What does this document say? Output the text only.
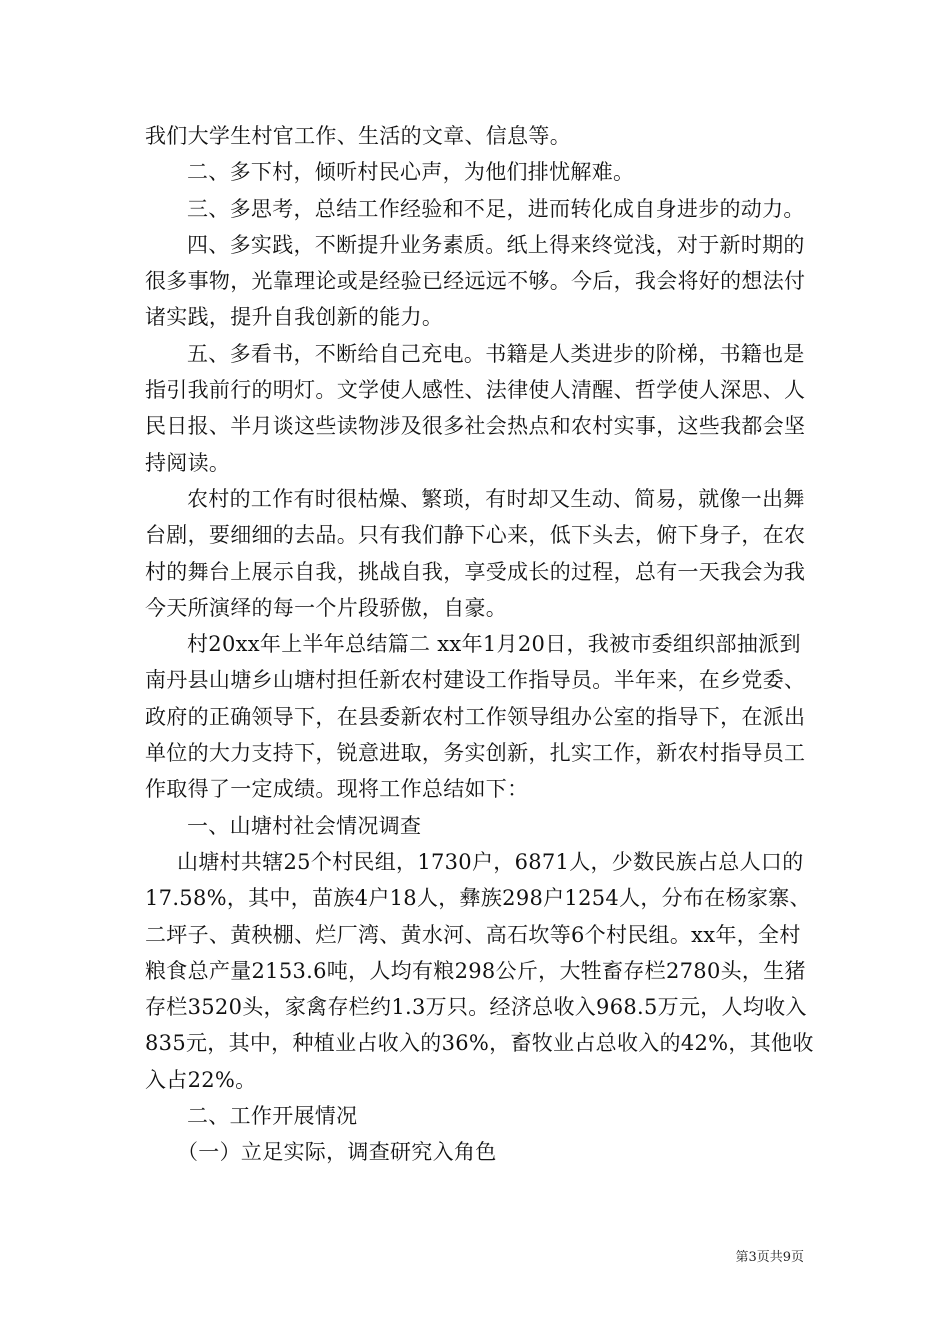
我们大学生村官工作、生活的文章、信息等。

二、多下村，倾听村民心声，为他们排忧解难。

三、多思考，总结工作经验和不足，进而转化成自身进步的动力。

四、多实践，不断提升业务素质。纸上得来终觉浅，对于新时期的很多事物，光靠理论或是经验已经远远不够。今后，我会将好的想法付诸实践，提升自我创新的能力。

五、多看书，不断给自己充电。书籍是人类进步的阶梯，书籍也是指引我前行的明灯。文学使人感性、法律使人清醒、哲学使人深思、人民日报、半月谈这些读物涉及很多社会热点和农村实事，这些我都会坚持阅读。

农村的工作有时很枯燥、繁琐，有时却又生动、简易，就像一出舞台剧，要细细的去品。只有我们静下心来，低下头去，俯下身子，在农村的舞台上展示自我，挑战自我，享受成长的过程，总有一天我会为我今天所演绎的每一个片段骄傲，自豪。

村20xx年上半年总结篇二 xx年1月20日，我被市委组织部抽派到南丹县山塘乡山塘村担任新农村建设工作指导员。半年来，在乡党委、政府的正确领导下，在县委新农村工作领导组办公室的指导下，在派出单位的大力支持下，锐意进取，务实创新，扎实工作，新农村指导员工作取得了一定成绩。现将工作总结如下：

一、山塘村社会情况调查

山塘村共辖25个村民组，1730户，6871人，少数民族占总人口的17.58%，其中，苗族4户18人，彝族298户1254人，分布在杨家寨、二坪子、黄秧棚、烂厂湾、黄水河、高石坎等6个村民组。xx年，全村粮食总产量2153.6吨，人均有粮298公斤，大牲畜存栏2780头，生猪存栏3520头，家禽存栏约1.3万只。经济总收入968.5万元，人均收入835元，其中，种植业占收入的36%，畜牧业占总收入的42%，其他收入占22%。

二、工作开展情况

（一）立足实际，调查研究入角色

第3页共9页
